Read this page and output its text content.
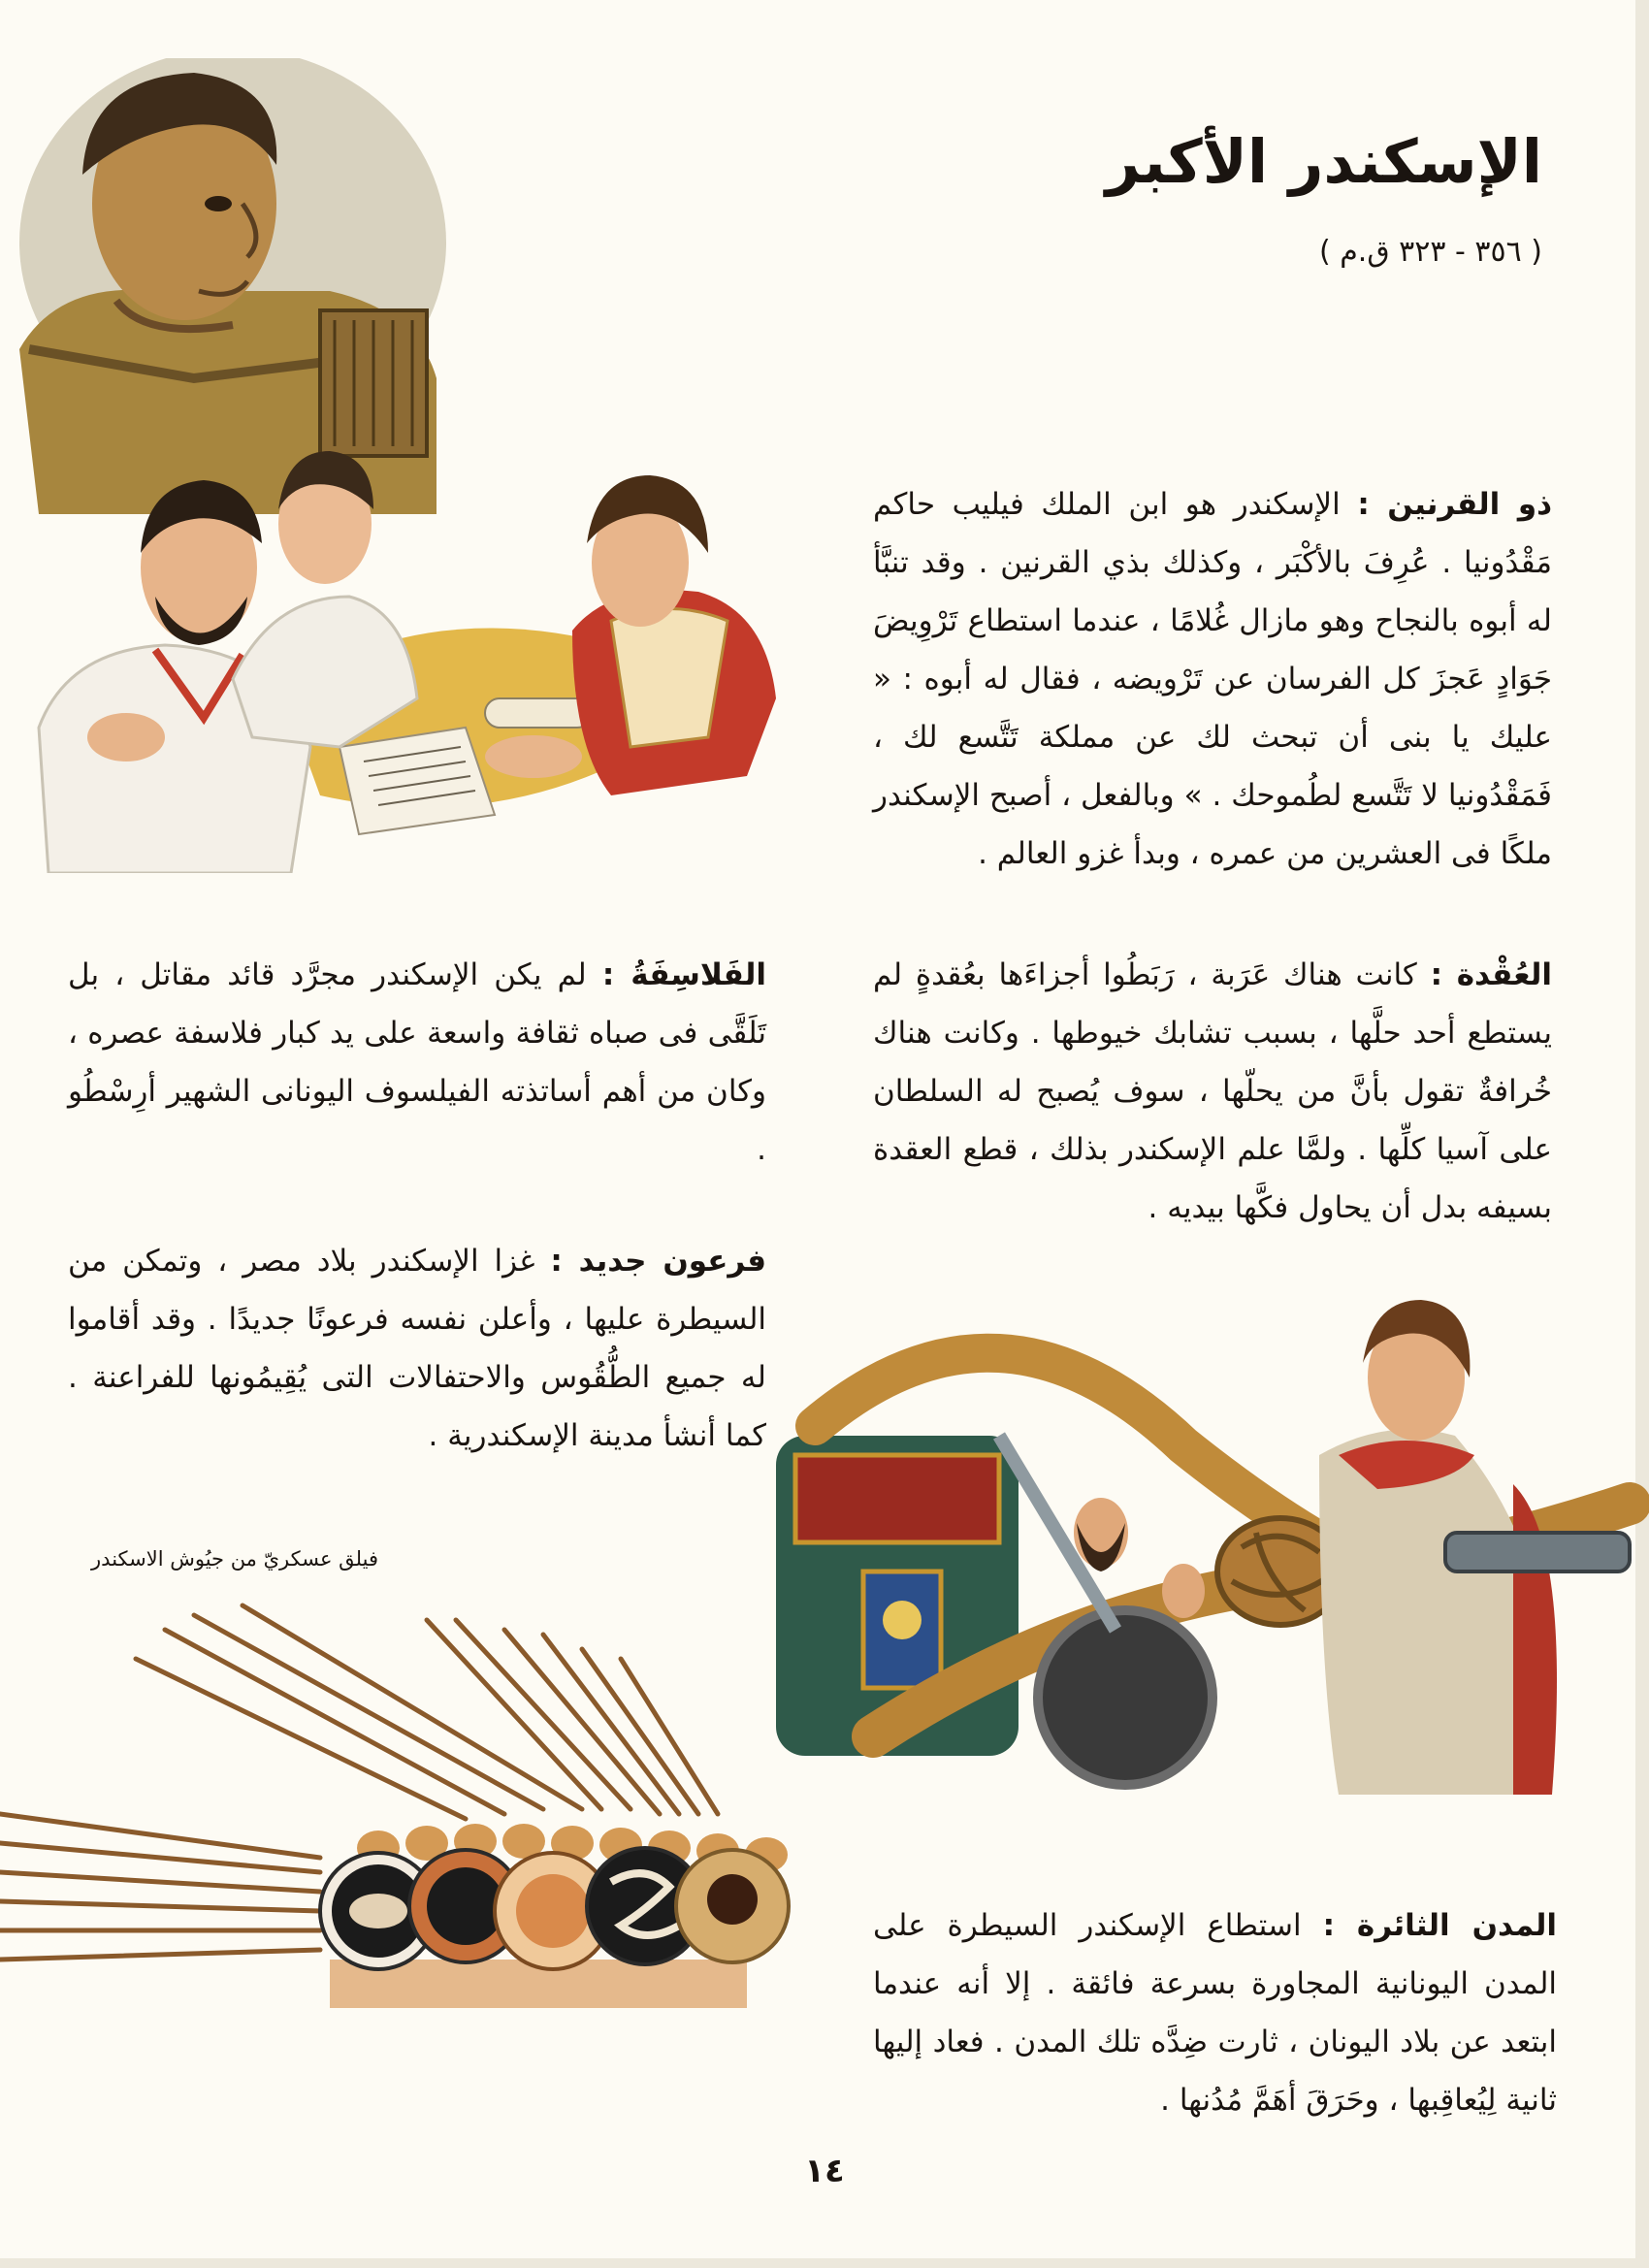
الإسكندر الأكبر
( ٣٥٦ - ٣٢٣ ق.م )
ذو القرنين : الإسكندر هو ابن الملك فيليب حاكم مَقْدُونيا . عُرِفَ بالأكْبَر ، وكذلك بذي القرنين . وقد تنبَّأ له أبوه بالنجاح وهو مازال غُلامًا ، عندما استطاع تَرْوِيضَ جَوَادٍ عَجزَ كل الفرسان عن تَرْويضه ، فقال له أبوه : « عليك يا بنى أن تبحث لك عن مملكة تَتَّسع لك ، فَمَقْدُونيا لا تَتَّسع لطُموحك . » وبالفعل ، أصبح الإسكندر ملكًا فى العشرين من عمره ، وبدأ غزو العالم .
العُقْدة : كانت هناك عَرَبة ، رَبَطُوا أجزاءَها بعُقدةٍ لم يستطع أحد حلَّها ، بسبب تشابك خيوطها . وكانت هناك خُرافةٌ تقول بأنَّ من يحلّها ، سوف يُصبح له السلطان على آسيا كلِّها . ولمَّا علم الإسكندر بذلك ، قطع العقدة بسيفه بدل أن يحاول فكَّها بيديه .
الفَلاسِفَةُ : لم يكن الإسكندر مجرَّد قائد مقاتل ، بل تَلَقَّى فى صباه ثقافة واسعة على يد كبار فلاسفة عصره ، وكان من أهم أساتذته الفيلسوف اليونانى الشهير أرِسْطُو .
فرعون جديد : غزا الإسكندر بلاد مصر ، وتمكن من السيطرة عليها ، وأعلن نفسه فرعونًا جديدًا . وقد أقاموا له جميع الطُّقُوس والاحتفالات التى يُقِيمُونها للفراعنة . كما أنشأ مدينة الإسكندرية .
فيلق عسكريّ من جيُوش الاسكندر
المدن الثائرة : استطاع الإسكندر السيطرة على المدن اليونانية المجاورة بسرعة فائقة . إلا أنه عندما ابتعد عن بلاد اليونان ، ثارت ضِدَّه تلك المدن . فعاد إليها ثانية لِيُعاقِبها ، وحَرَقَ أهَمَّ مُدُنها .
١٤
